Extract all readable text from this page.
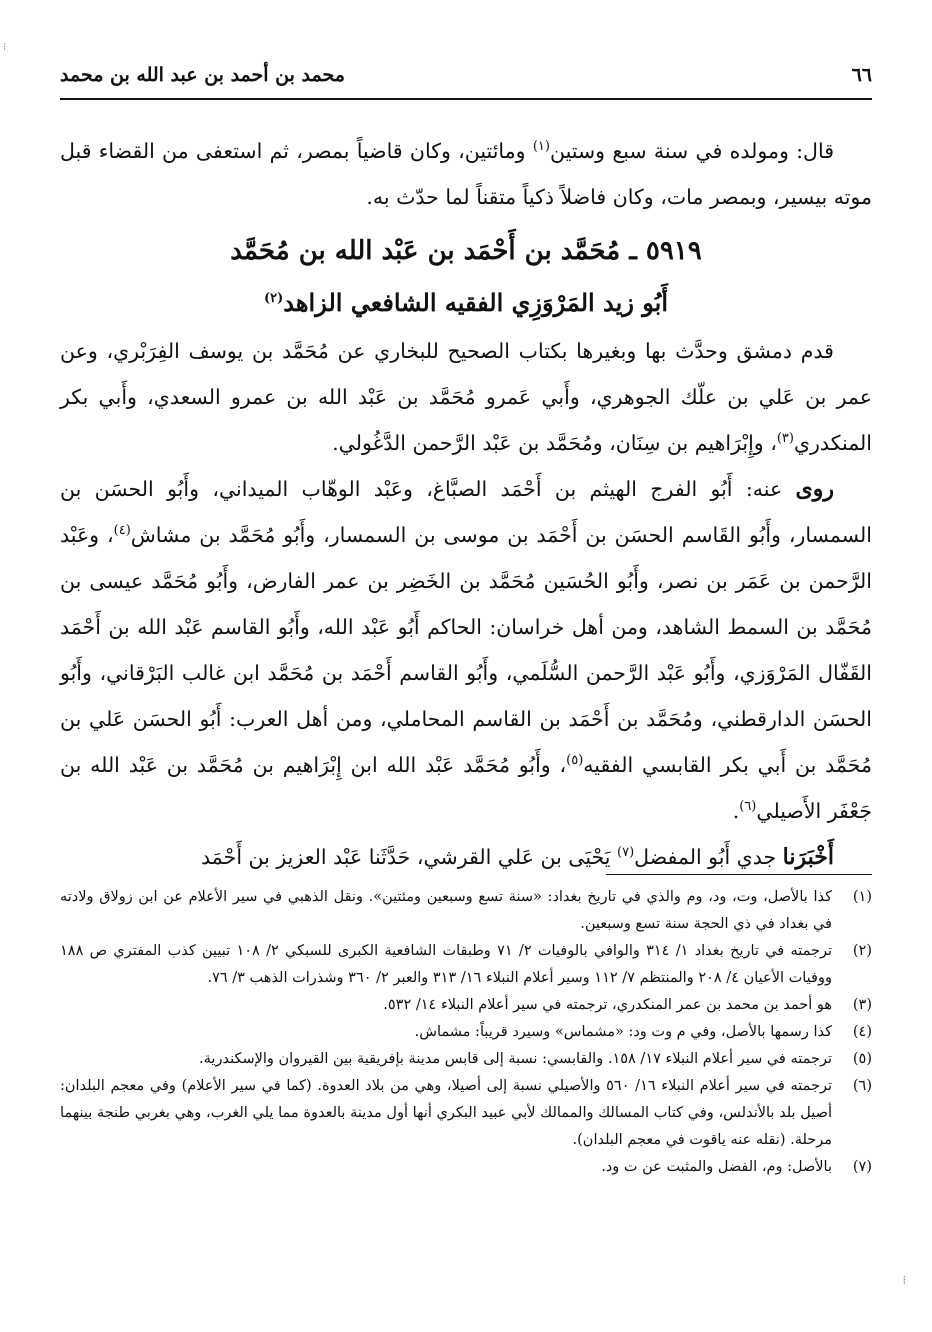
⁝
٦٦
محمد بن أحمد بن عبد الله بن محمد

قال: ومولده في سنة سبع وستين$^{(١)}$ ومائتين، وكان قاضياً بمصر، ثم استعفى من القضاء قبل موته بيسير، وبمصر مات، وكان فاضلاً ذكياً متقناً لما حدّث به.

٥٩١٩ ـ مُحَمَّد بن أَحْمَد بن عَبْد الله بن مُحَمَّد

أَبُو زيد المَرْوَزِي الفقيه الشافعي الزاهد$^{(٢)}$

قدم دمشق وحدَّث بها وبغيرها بكتاب الصحيح للبخاري عن مُحَمَّد بن يوسف الفِرَبْري، وعن عمر بن عَلي بن علّك الجوهري، وأَبي عَمرو مُحَمَّد بن عَبْد الله بن عمرو السعدي، وأَبي بكر المنكدري$^{(٣)}$، وإِبْرَاهيم بن سِنَان، ومُحَمَّد بن عَبْد الرَّحمن الدَّغُولي.

روى عنه: أَبُو الفرج الهيثم بن أَحْمَد الصبَّاغ، وعَبْد الوهّاب الميداني، وأَبُو الحسَن بن السمسار، وأَبُو القَاسم الحسَن بن أَحْمَد بن موسى بن السمسار، وأَبُو مُحَمَّد بن مشاش$^{(٤)}$، وعَبْد الرَّحمن بن عَمَر بن نصر، وأَبُو الحُسَين مُحَمَّد بن الخَضِر بن عمر الفارض، وأَبُو مُحَمَّد عيسى بن مُحَمَّد بن السمط الشاهد، ومن أهل خراسان: الحاكم أَبُو عَبْد الله، وأَبُو القاسم عَبْد الله بن أَحْمَد القَفّال المَرْوَزي، وأَبُو عَبْد الرَّحمن السُّلَمي، وأَبُو القاسم أَحْمَد بن مُحَمَّد ابن غالب البَرْقاني، وأَبُو الحسَن الدارقطني، ومُحَمَّد بن أَحْمَد بن القاسم المحاملي، ومن أهل العرب: أَبُو الحسَن عَلي بن مُحَمَّد بن أَبي بكر القابسي الفقيه$^{(٥)}$، وأَبُو مُحَمَّد عَبْد الله ابن إِبْرَاهيم بن مُحَمَّد بن عَبْد الله بن جَعْفَر الأَصيلي$^{(٦)}$.

أَخْبَرَنا جدي أَبُو المفضل$^{(٧)}$ يَحْيَى بن عَلي القرشي، حَدَّثَنا عَبْد العزيز بن أَحْمَد

(١)
كذا بالأصل، وت، ود، وم والذي في تاريخ بغداد: «سنة تسع وسبعين ومئتين». ونقل الذهبي في سير الأعلام عن ابن زولاق ولادته في بغداد في ذي الحجة سنة تسع وسبعين.
(٢)
ترجمته في تاريخ بغداد ١/ ٣١٤ والوافي بالوفيات ٢/ ٧١ وطبقات الشافعية الكبرى للسبكي ٢/ ١٠٨ تبيين كذب المفتري ص ١٨٨ ووفيات الأعيان ٤/ ٢٠٨ والمنتظم ٧/ ١١٢ وسير أعلام النبلاء ١٦/ ٣١٣ والعبر ٢/ ٣٦٠ وشذرات الذهب ٣/ ٧٦.
(٣)
هو أحمد بن محمد بن عمر المنكدري، ترجمته في سير أعلام النبلاء ١٤/ ٥٣٢.
(٤)
كذا رسمها بالأصل، وفي م وت ود: «مشماس» وسيرد قريباً: مشماش.
(٥)
ترجمته في سير أعلام النبلاء ١٧/ ١٥٨. والقابسي: نسبة إلى قابس مدينة بإفريقية بين القيروان والإسكندرية.
(٦)
ترجمته في سير أعلام النبلاء ١٦/ ٥٦٠ والأصيلي نسبة إلى أصيلا، وهي من بلاد العدوة. (كما في سير الأعلام) وفي معجم البلدان: أصيل بلد بالأندلس، وفي كتاب المسالك والممالك لأبي عبيد البكري أنها أول مدينة بالعدوة مما يلي الغرب، وهي بغربي طنجة بينهما مرحلة. (نقله عنه ياقوت في معجم البلدان).
(٧)
بالأصل: وم، الفضل والمثبت عن ت ود.
⁞
